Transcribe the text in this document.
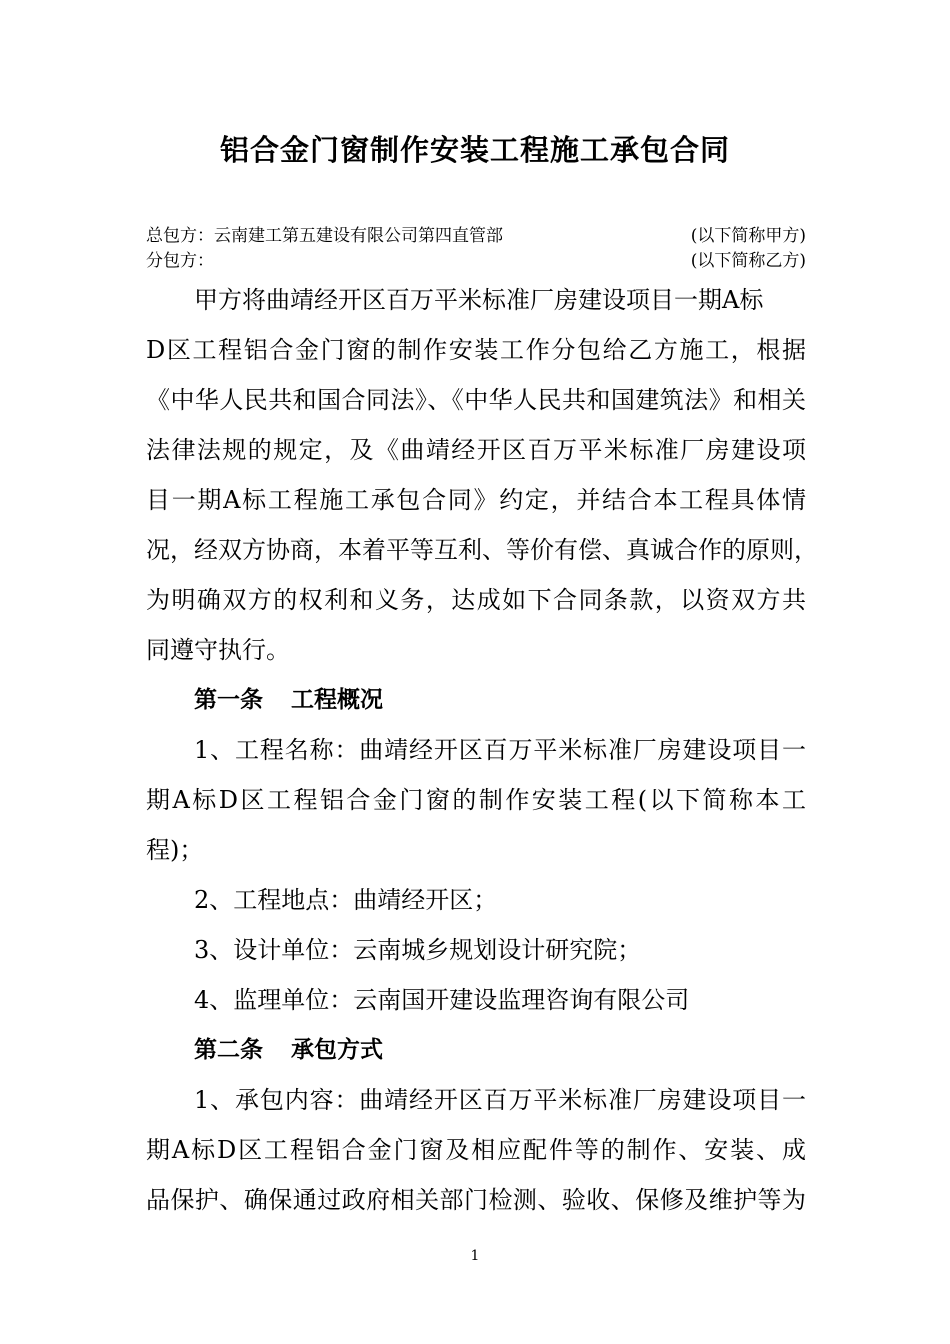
铝合金门窗制作安装工程施工承包合同
总包方：云南建工第五建设有限公司第四直管部	(以下简称甲方)
分包方：	(以下简称乙方)
甲方将曲靖经开区百万平米标准厂房建设项目一期A标
D区工程铝合金门窗的制作安装工作分包给乙方施工，根据
《中华人民共和国合同法》、《中华人民共和国建筑法》和相关
法律法规的规定，及《曲靖经开区百万平米标准厂房建设项
目一期A标工程施工承包合同》约定，并结合本工程具体情
况，经双方协商，本着平等互利、等价有偿、真诚合作的原则，
为明确双方的权利和义务，达成如下合同条款，以资双方共
同遵守执行。
第一条 工程概况
1、工程名称：曲靖经开区百万平米标准厂房建设项目一
期A标D区工程铝合金门窗的制作安装工程(以下简称本工
程)；
2、工程地点：曲靖经开区；
3、设计单位：云南城乡规划设计研究院；
4、监理单位：云南国开建设监理咨询有限公司
第二条 承包方式
1、承包内容：曲靖经开区百万平米标准厂房建设项目一
期A标D区工程铝合金门窗及相应配件等的制作、安装、成
品保护、确保通过政府相关部门检测、验收、保修及维护等为
1
